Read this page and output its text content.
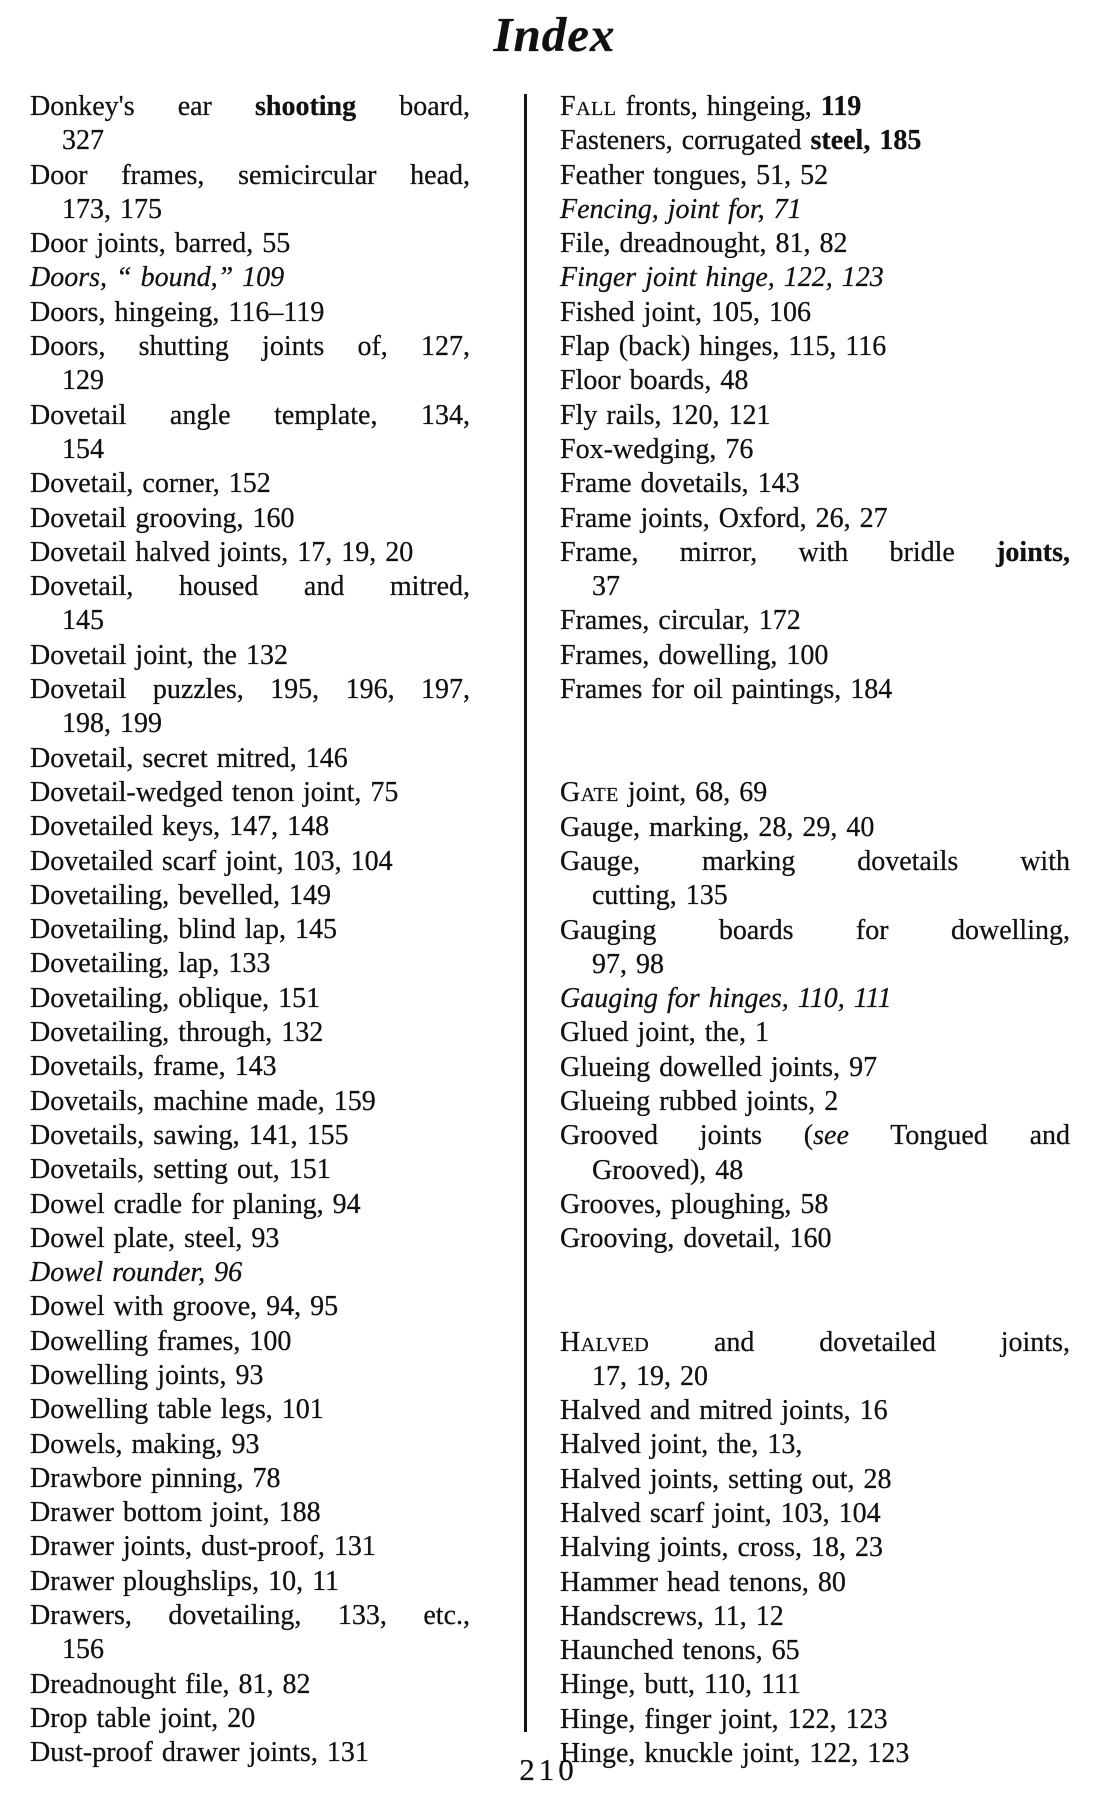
Index

Donkey's ear shooting board,
327

Door frames, semicircular head,
173, 175

Door joints, barred, 55

Doors, “ bound,” 109

Doors, hingeing, 116–119

Doors, shutting joints of, 127,
129

Dovetail angle template, 134,
154

Dovetail, corner, 152

Dovetail grooving, 160

Dovetail halved joints, 17, 19, 20

Dovetail, housed and mitred,
145

Dovetail joint, the 132

Dovetail puzzles, 195, 196, 197,
198, 199

Dovetail, secret mitred, 146

Dovetail-wedged tenon joint, 75

Dovetailed keys, 147, 148

Dovetailed scarf joint, 103, 104

Dovetailing, bevelled, 149

Dovetailing, blind lap, 145

Dovetailing, lap, 133

Dovetailing, oblique, 151

Dovetailing, through, 132

Dovetails, frame, 143

Dovetails, machine made, 159

Dovetails, sawing, 141, 155

Dovetails, setting out, 151

Dowel cradle for planing, 94

Dowel plate, steel, 93

Dowel rounder, 96

Dowel with groove, 94, 95

Dowelling frames, 100

Dowelling joints, 93

Dowelling table legs, 101

Dowels, making, 93

Drawbore pinning, 78

Drawer bottom joint, 188

Drawer joints, dust-proof, 131

Drawer ploughslips, 10, 11

Drawers, dovetailing, 133, etc.,
156

Dreadnought file, 81, 82

Drop table joint, 20

Dust-proof drawer joints, 131

Fall fronts, hingeing, 119

Fasteners, corrugated steel, 185

Feather tongues, 51, 52

Fencing, joint for, 71

File, dreadnought, 81, 82

Finger joint hinge, 122, 123

Fished joint, 105, 106

Flap (back) hinges, 115, 116

Floor boards, 48

Fly rails, 120, 121

Fox-wedging, 76

Frame dovetails, 143

Frame joints, Oxford, 26, 27

Frame, mirror, with bridle joints,
37

Frames, circular, 172

Frames, dowelling, 100

Frames for oil paintings, 184

Gate joint, 68, 69

Gauge, marking, 28, 29, 40

Gauge, marking dovetails with
cutting, 135

Gauging boards for dowelling,
97, 98

Gauging for hinges, 110, 111

Glued joint, the, 1

Glueing dowelled joints, 97

Glueing rubbed joints, 2

Grooved joints (see Tongued and
Grooved), 48

Grooves, ploughing, 58

Grooving, dovetail, 160

Halved and dovetailed joints,
17, 19, 20

Halved and mitred joints, 16

Halved joint, the, 13,

Halved joints, setting out, 28

Halved scarf joint, 103, 104

Halving joints, cross, 18, 23

Hammer head tenons, 80

Handscrews, 11, 12

Haunched tenons, 65

Hinge, butt, 110, 111

Hinge, finger joint, 122, 123

Hinge, knuckle joint, 122, 123

210
